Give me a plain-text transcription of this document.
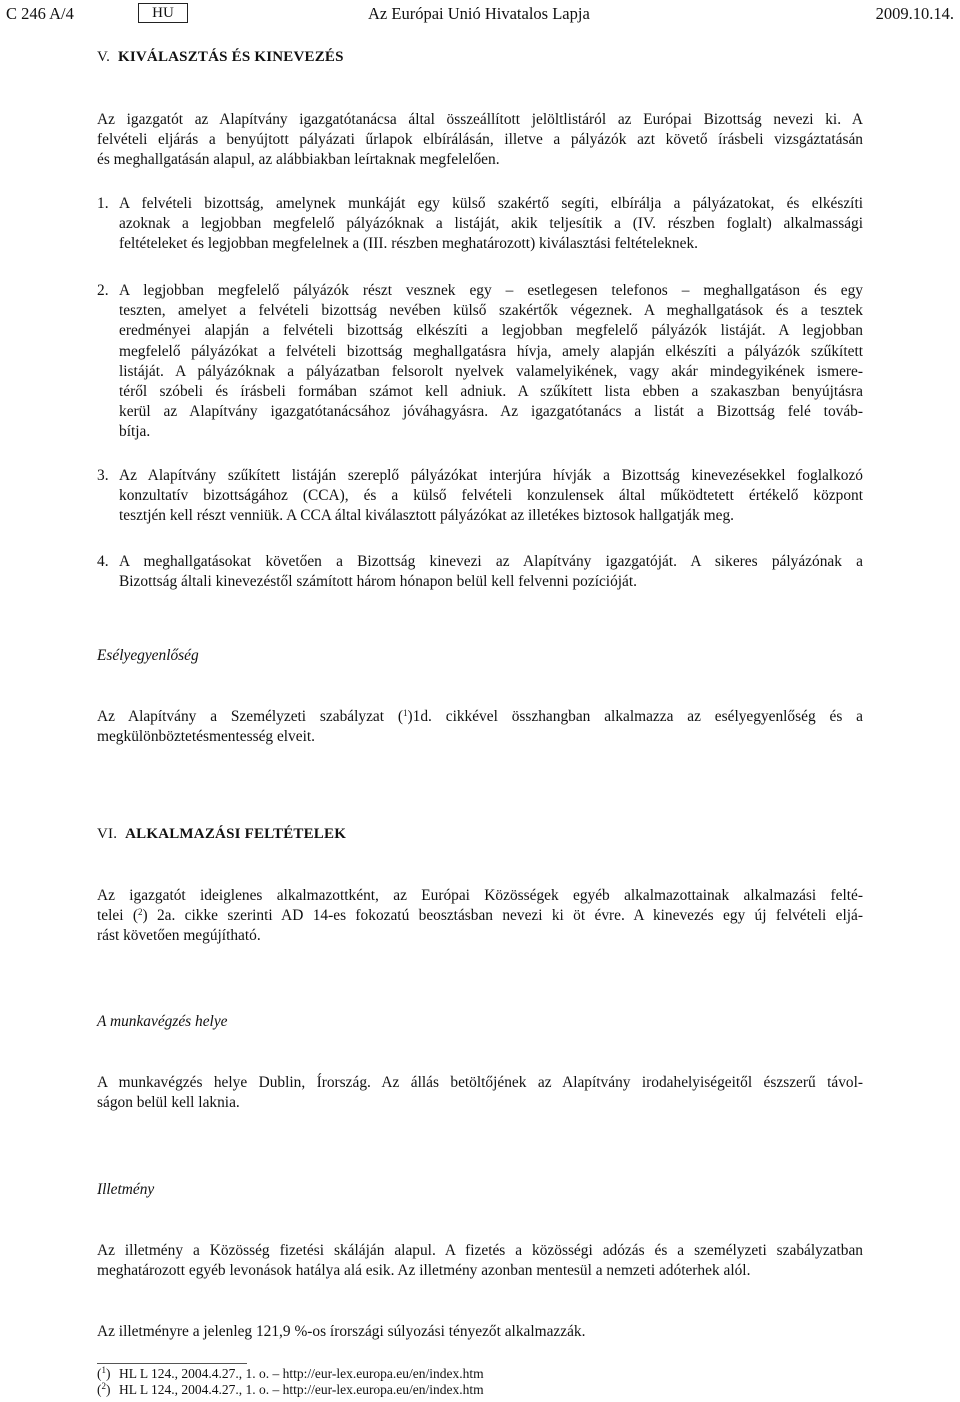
C 246 A/4	HU	Az Európai Unió Hivatalos Lapja	2009.10.14.
V. KIVÁLASZTÁS ÉS KINEVEZÉS
Az igazgatót az Alapítvány igazgatótanácsa által összeállított jelöltlistáról az Európai Bizottság nevezi ki. A
felvételi eljárás a benyújtott pályázati űrlapok elbírálásán, illetve a pályázók azt követő írásbeli vizsgáztatásán
és meghallgatásán alapul, az alábbiakban leírtaknak megfelelően.
1. A felvételi bizottság, amelynek munkáját egy külső szakértő segíti, elbírálja a pályázatokat, és elkészíti
azoknak a legjobban megfelelő pályázóknak a listáját, akik teljesítik a (IV. részben foglalt) alkalmassági
feltételeket és legjobban megfelelnek a (III. részben meghatározott) kiválasztási feltételeknek.
2. A legjobban megfelelő pályázók részt vesznek egy – esetlegesen telefonos – meghallgatáson és egy
teszten, amelyet a felvételi bizottság nevében külső szakértők végeznek. A meghallgatások és a tesztek
eredményei alapján a felvételi bizottság elkészíti a legjobban megfelelő pályázók listáját. A legjobban
megfelelő pályázókat a felvételi bizottság meghallgatásra hívja, amely alapján elkészíti a pályázók szűkített
listáját. A pályázóknak a pályázatban felsorolt nyelvek valamelyikének, vagy akár mindegyikének ismere-
téről szóbeli és írásbeli formában számot kell adniuk. A szűkített lista ebben a szakaszban benyújtásra
kerül az Alapítvány igazgatótanácsához jóváhagyásra. Az igazgatótanács a listát a Bizottság felé továb-
bítja.
3. Az Alapítvány szűkített listáján szereplő pályázókat interjúra hívják a Bizottság kinevezésekkel foglalkozó
konzultatív bizottságához (CCA), és a külső felvételi konzulensek által működtetett értékelő központ
tesztjén kell részt venniük. A CCA által kiválasztott pályázókat az illetékes biztosok hallgatják meg.
4. A meghallgatásokat követően a Bizottság kinevezi az Alapítvány igazgatóját. A sikeres pályázónak a
Bizottság általi kinevezéstől számított három hónapon belül kell felvenni pozícióját.
Esélyegyenlőség
Az Alapítvány a Személyzeti szabályzat ($^1$)1d. cikkével összhangban alkalmazza az esélyegyenlőség és a
megkülönböztetésmentesség elveit.
VI. ALKALMAZÁSI FELTÉTELEK
Az igazgatót ideiglenes alkalmazottként, az Európai Közösségek egyéb alkalmazottainak alkalmazási felté-
telei ($^2$) 2a. cikke szerinti AD 14-es fokozatú beosztásban nevezi ki öt évre. A kinevezés egy új felvételi eljá-
rást követően megújítható.
A munkavégzés helye
A munkavégzés helye Dublin, Írország. Az állás betöltőjének az Alapítvány irodahelyiségeitől észszerű távol-
ságon belül kell laknia.
Illetmény
Az illetmény a Közösség fizetési skáláján alapul. A fizetés a közösségi adózás és a személyzeti szabályzatban
meghatározott egyéb levonások hatálya alá esik. Az illetmény azonban mentesül a nemzeti adóterhek alól.
Az illetményre a jelenleg 121,9 %-os írországi súlyozási tényezőt alkalmazzák.
($^1$) HL L 124., 2004.4.27., 1. o. – http://eur-lex.europa.eu/en/index.htm
($^2$) HL L 124., 2004.4.27., 1. o. – http://eur-lex.europa.eu/en/index.htm
